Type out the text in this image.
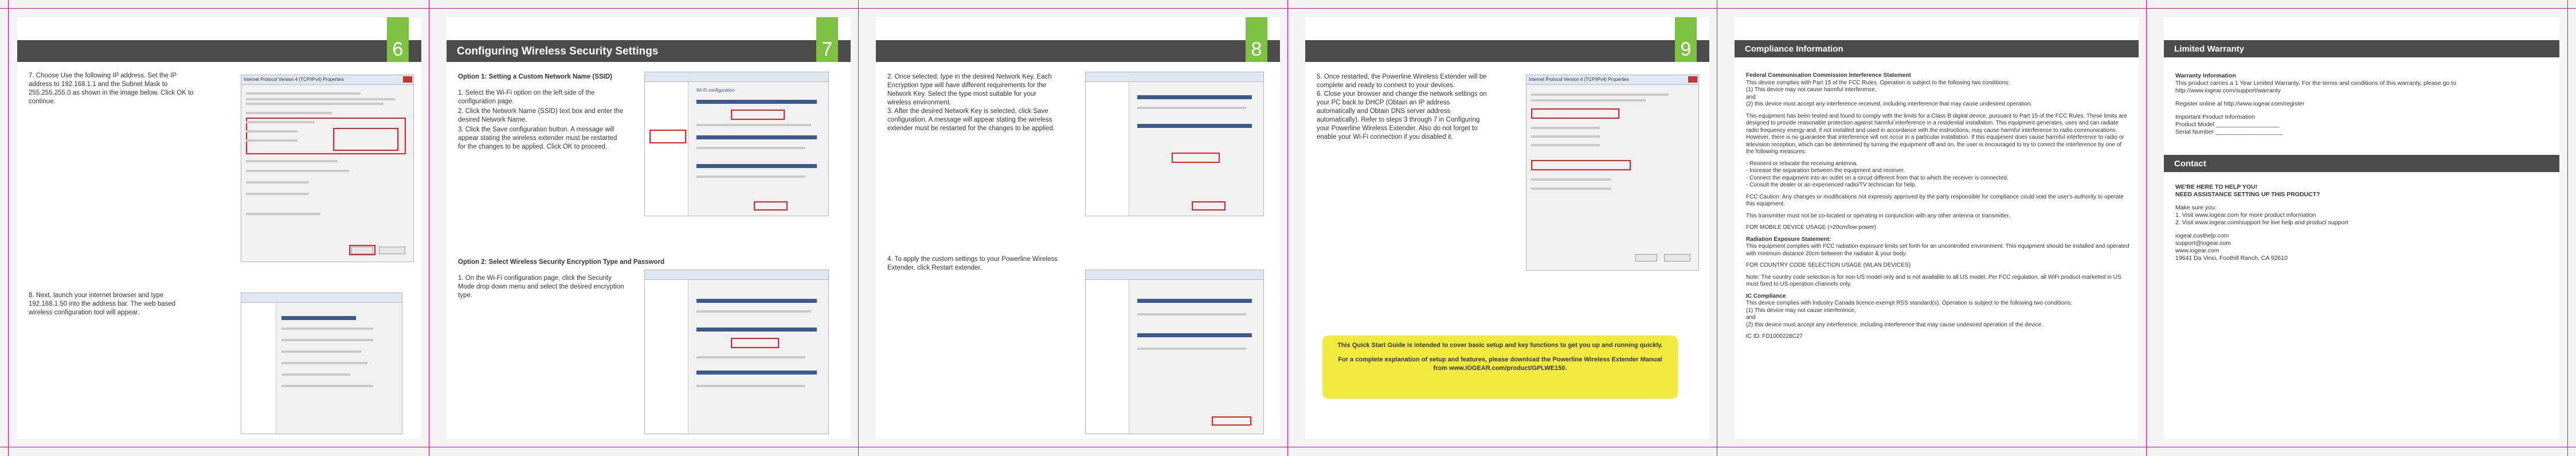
6
7. Choose Use the following IP address. Set the IP address to 192.168.1.1 and the Subnet Mask to 255.255.255.0 as shown in the image below. Click OK to continue.
Internet Protocol Version 4 (TCP/IPv4) Properties
8. Next, launch your internet browser and type 192.168.1.50 into the address bar. The web based wireless configuration tool will appear.
Configuring Wireless Security Settings	7
Option 1: Setting a Custom Network Name (SSID)
1. Select the Wi-Fi option on the left side of the configuration page.
2. Click the Network Name (SSID) text box and enter the desired Network Name.
3. Click the Save configuration button. A message will appear stating the wireless extender must be restarted for the changes to be applied. Click OK to proceed.
Wi-Fi configuration
Option 2: Select Wireless Security Encryption Type and Password
1. On the Wi-Fi configuration page, click the Security Mode drop down menu and select the desired encryption type.
8
2. Once selected, type in the desired Network Key. Each Encryption type will have different requirements for the Network Key. Select the type most suitable for your wireless environment.
3. After the desired Network Key is selected, click Save configuration. A message will appear stating the wireless extender must be restarted for the changes to be applied.
4. To apply the custom settings to your Powerline Wireless Extender, click Restart extender.
9
5. Once restarted, the Powerline Wireless Extender will be complete and ready to connect to your devices.
6. Close your browser and change the network settings on your PC back to DHCP (Obtain an IP address automatically and Obtain DNS server address automatically). Refer to steps 3 through 7 in Configuring your Powerline Wireless Extender. Also do not forget to enable your Wi-Fi connection if you disabled it.
Internet Protocol Version 4 (TCP/IPv4) Properties
This Quick Start Guide is intended to cover basic setup and key functions to get you up and running quickly.
For a complete explanation of setup and features, please download the Powerline Wireless Extender Manual from www.IOGEAR.com/product/GPLWE150.
Compliance Information
Federal Communication Commission Interference Statement
This device complies with Part 15 of the FCC Rules. Operation is subject to the following two conditions:
(1) This device may not cause harmful interference,
and
(2) this device must accept any interference received, including interference that may cause undesired operation.
This equipment has been tested and found to comply with the limits for a Class B digital device, pursuant to Part 15 of the FCC Rules. These limits are designed to provide reasonable protection against harmful interference in a residential installation. This equipment generates, uses and can radiate radio frequency energy and, if not installed and used in accordance with the instructions, may cause harmful interference to radio communications. However, there is no guarantee that interference will not occur in a particular installation. If this equipment does cause harmful interference to radio or television reception, which can be determined by turning the equipment off and on, the user is encouraged to try to correct the interference by one of the following measures:
- Reorient or relocate the receiving antenna.
- Increase the separation between the equipment and receiver.
- Connect the equipment into an outlet on a circuit different from that to which the receiver is connected.
- Consult the dealer or an experienced radio/TV technician for help.
FCC Caution: Any changes or modifications not expressly approved by the party responsible for compliance could void the user's authority to operate this equipment.
This transmitter must not be co-located or operating in conjunction with any other antenna or transmitter.
FOR MOBILE DEVICE USAGE (>20cm/low power)
Radiation Exposure Statement:
This equipment complies with FCC radiation exposure limits set forth for an uncontrolled environment. This equipment should be installed and operated with minimum distance 20cm between the radiator & your body.
FOR COUNTRY CODE SELECTION USAGE (WLAN DEVICES)
Note: The country code selection is for non-US model only and is not available to all US model. Per FCC regulation, all WiFi product marketed in US must fixed to US operation channels only.
IC Compliance
This device complies with Industry Canada licence-exempt RSS standard(s). Operation is subject to the following two conditions:
(1) This device may not cause interference,
and
(2) this device must accept any interference, including interference that may cause undesired operation of the device.
IC ID: FD1000228C27
Limited Warranty
Warranty Information
This product carries a 1 Year Limited Warranty. For the terms and conditions of this warranty, please go to http://www.iogear.com/support/warranty
Register online at http://www.iogear.com/register
Important Product Information
Product Model ___________________
Serial Number ____________________
Contact
WE'RE HERE TO HELP YOU!
NEED ASSISTANCE SETTING UP THIS PRODUCT?
Make sure you:
1. Visit www.iogear.com for more product information
2. Visit www.iogear.com/support for live help and product support
iogear.custhelp.com
support@iogear.com
www.iogear.com
19641 Da Vinci, Foothill Ranch, CA 92610
